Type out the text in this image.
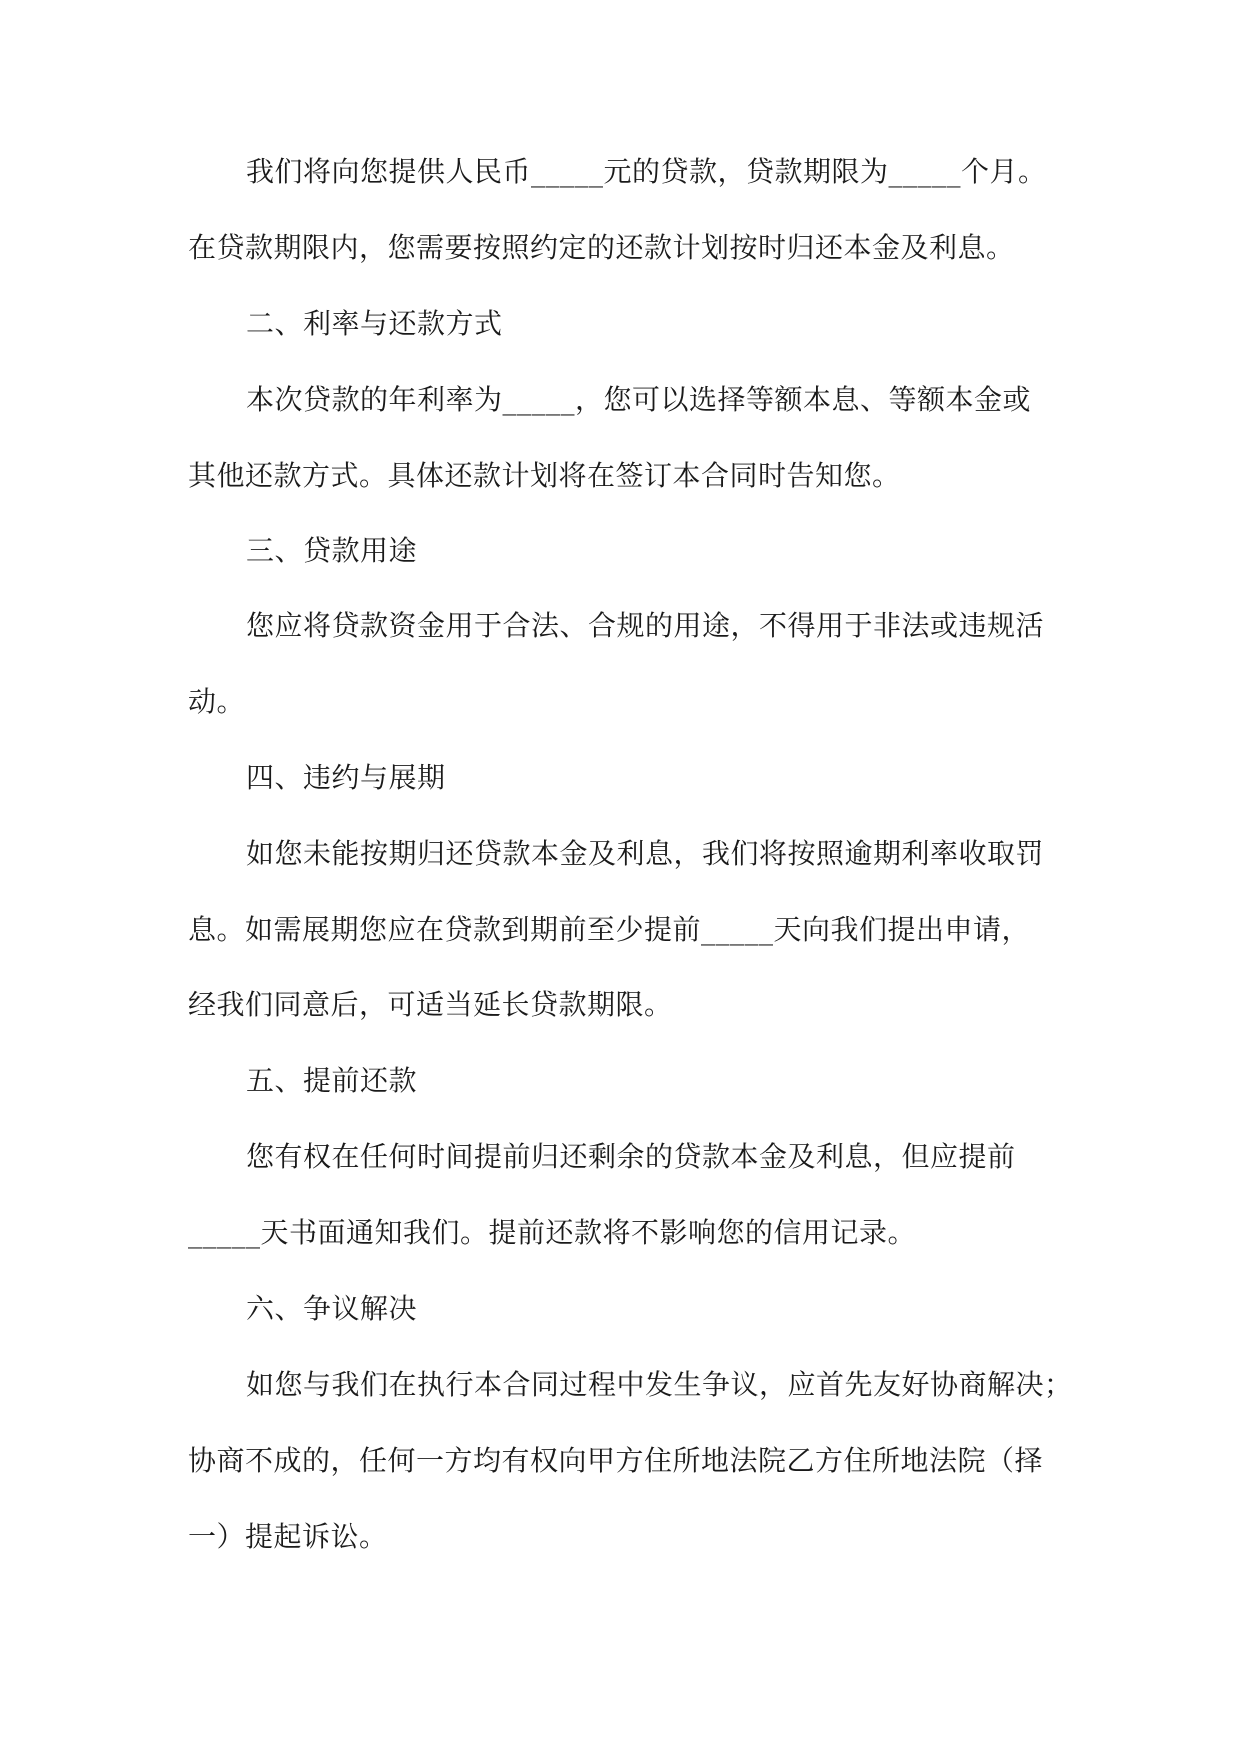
我们将向您提供人民币_____元的贷款，贷款期限为_____个月。
在贷款期限内，您需要按照约定的还款计划按时归还本金及利息。
二、利率与还款方式
本次贷款的年利率为_____，您可以选择等额本息、等额本金或
其他还款方式。具体还款计划将在签订本合同时告知您。
三、贷款用途
您应将贷款资金用于合法、合规的用途，不得用于非法或违规活
动。
四、违约与展期
如您未能按期归还贷款本金及利息，我们将按照逾期利率收取罚
息。如需展期您应在贷款到期前至少提前_____天向我们提出申请，
经我们同意后，可适当延长贷款期限。
五、提前还款
您有权在任何时间提前归还剩余的贷款本金及利息，但应提前
_____天书面通知我们。提前还款将不影响您的信用记录。
六、争议解决
如您与我们在执行本合同过程中发生争议，应首先友好协商解决；
协商不成的，任何一方均有权向甲方住所地法院乙方住所地法院（择
一）提起诉讼。
